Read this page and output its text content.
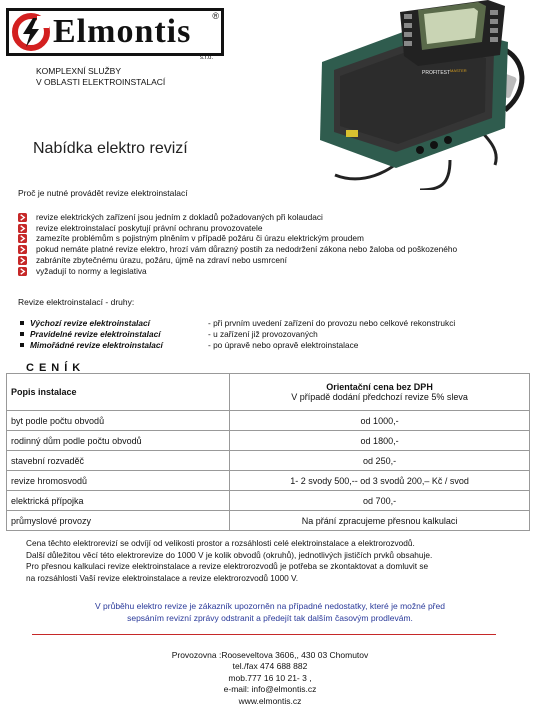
Elmontis ®
s.r.o.
KOMPLEXNÍ SLUŽBY
V OBLASTI ELEKTROINSTALACÍ
PROFITEST MASTER
Nabídka elektro revizí
Proč je nutné provádět revize elektroinstalací
revize elektrických zařízení jsou jedním z dokladů požadovaných při kolaudaci
revize elektroinstalací poskytují právní ochranu provozovatele
zamezíte problémům s pojistným plněním v případě požáru či úrazu elektrickým proudem
pokud nemáte platné revize elektro, hrozí vám důrazný postih za nedodržení zákona nebo žaloba od poškozeného
zabráníte zbytečnému úrazu, požáru, újmě na zdraví nebo usmrcení
vyžadují to normy a legislativa
Revize elektroinstalací - druhy:
Výchozí revize elektroinstalací	- při prvním uvedení zařízení do provozu nebo celkové rekonstrukci
Pravidelné revize elektroinstalací	- u zařízení již provozovaných
Mimořádné revize elektroinstalací	- po úpravě nebo opravě elektroinstalace
CENÍK
Popis instalace	Orientační cena bez DPH
V případě dodání předchozí revize 5% sleva

byt podle počtu obvodů	od 1000,-
rodinný dům podle počtu obvodů	od 1800,-
stavební rozvaděč	od 250,-
revize hromosvodů	1- 2 svody 500,-- od 3 svodů 200,– Kč / svod
elektrická přípojka	od 700,-
průmyslové provozy	Na přání zpracujeme přesnou kalkulaci
Cena těchto elektrorevizí se odvíjí od velikosti prostor a rozsáhlosti celé elektroinstalace a elektrorozvodů.
Další důležitou věcí této elektrorevize do 1000 V je kolik obvodů (okruhů), jednotlivých jističích prvků obsahuje.
Pro přesnou kalkulaci revize elektroinstalace a revize elektrorozvodů je potřeba se zkontaktovat a domluvit se
na rozsáhlosti Vaší revize elektroinstalace a revize elektrorozvodů 1000 V.
V průběhu elektro revize je zákazník upozorněn na případné nedostatky, které je možné před
sepsáním revizní zprávy odstranit a předejít tak dalším časovým prodlevám.
Provozovna :Rooseveltova 3606,, 430 03 Chomutov
tel./fax 474 688 882
mob.777 16 10 21- 3 ,
e-mail: info@elmontis.cz
www.elmontis.cz
